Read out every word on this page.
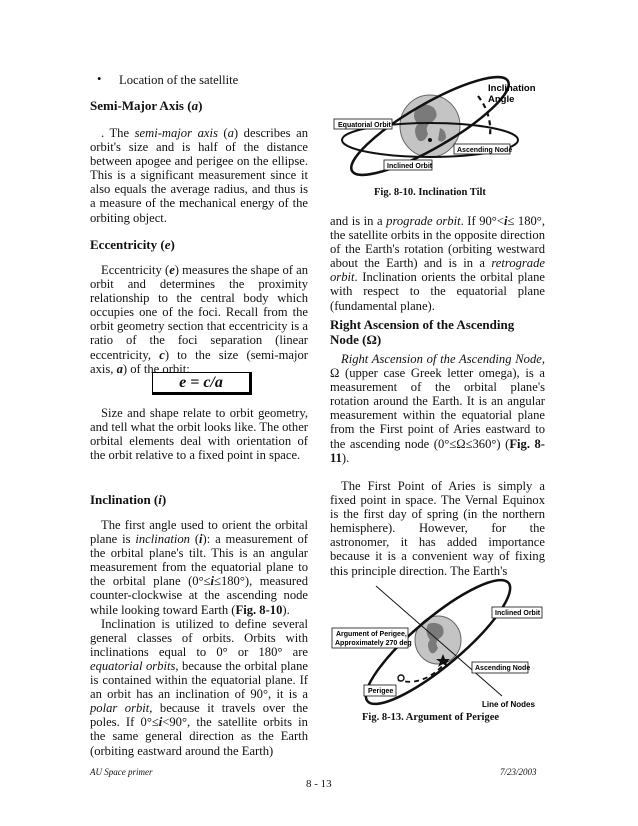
• Location of the satellite
Semi-Major Axis (a)

. The semi-major axis (a) describes an orbit's size and is half of the distance between apogee and perigee on the ellipse. This is a significant measurement since it also equals the average radius, and thus is a measure of the mechanical energy of the orbiting object.

Eccentricity (e)

Eccentricity (e) measures the shape of an orbit and determines the proximity relationship to the central body which occupies one of the foci. Recall from the orbit geometry section that eccentricity is a ratio of the foci separation (linear eccentricity, c) to the size (semi-major axis, a) of the orbit:

e = c/a

Size and shape relate to orbit geometry, and tell what the orbit looks like. The other orbital elements deal with orientation of the orbit relative to a fixed point in space.

Inclination (i)

The first angle used to orient the orbital plane is inclination (i): a measurement of the orbital plane's tilt. This is an angular measurement from the equatorial plane to the orbital plane (0°≤i≤180°), measured counter-clockwise at the ascending node while looking toward Earth (Fig. 8-10).

Inclination is utilized to define several general classes of orbits. Orbits with inclinations equal to 0° or 180° are equatorial orbits, because the orbital plane is contained within the equatorial plane. If an orbit has an inclination of 90°, it is a polar orbit, because it travels over the poles. If 0°≤i<90°, the satellite orbits in the same general direction as the Earth (orbiting eastward around the Earth)

Equatorial Orbit
Ascending Node
Inclined Orbit
Inclination
Angle
Fig. 8-10. Inclination Tilt

and is in a prograde orbit. If 90°<i≤ 180°, the satellite orbits in the opposite direction of the Earth's rotation (orbiting westward about the Earth) and is in a retrograde orbit. Inclination orients the orbital plane with respect to the equatorial plane (fundamental plane).

Right Ascension of the Ascending Node (Ω)

Right Ascension of the Ascending Node, Ω (upper case Greek letter omega), is a measurement of the orbital plane's rotation around the Earth. It is an angular measurement within the equatorial plane from the First point of Aries eastward to the ascending node (0°≤Ω≤360°) (Fig. 8-11).

The First Point of Aries is simply a fixed point in space. The Vernal Equinox is the first day of spring (in the northern hemisphere). However, for the astronomer, it has added importance because it is a convenient way of fixing this principle direction. The Earth's

Inclined Orbit
Argument of Perigee,
Approximately 270 deg
Ascending Node
Perigee
Line of Nodes
Fig. 8-13. Argument of Perigee
AU Space primer	7/23/2003
8 - 13
